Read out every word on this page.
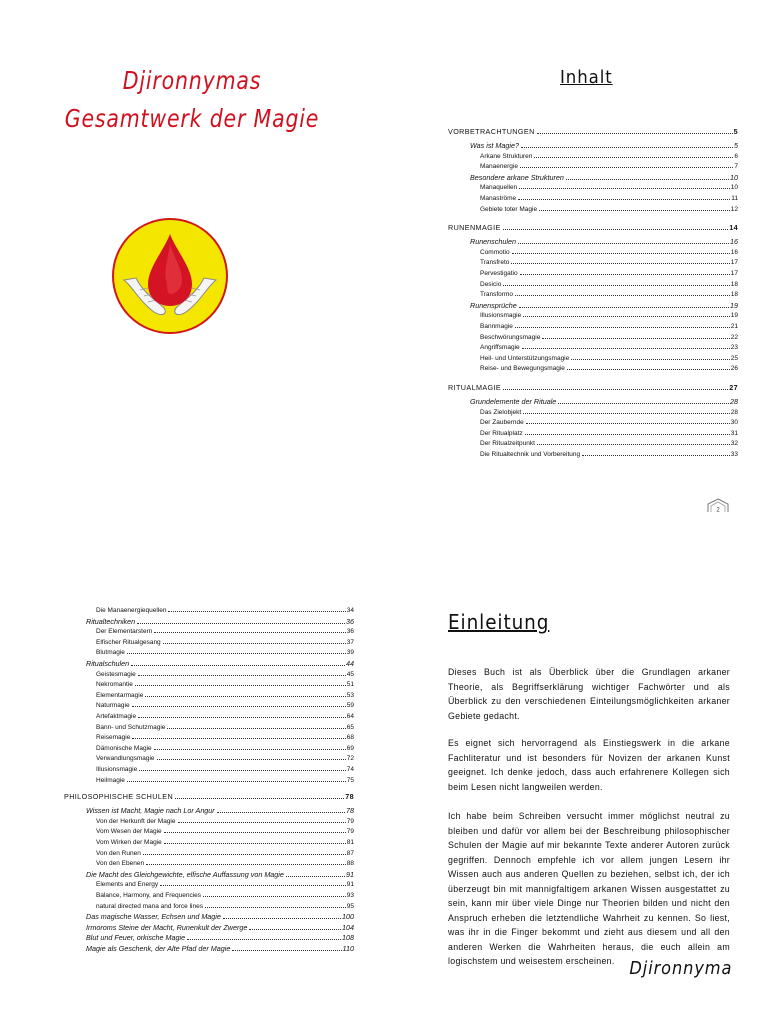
Djironnymas
Gesamtwerk der Magie
Inhalt
VORBETRACHTUNGEN	5
Was ist Magie?	5
Arkane Strukturen	6
Manaenergie	7
Besondere arkane Strukturen	10
Manaquellen	10
Manaströme	11
Gebiete toter Magie	12
RUNENMAGIE	14
Runenschulen	16
Commotio	16
Transfreto	17
Pervestigatio	17
Desicio	18
Transformo	18
Runensprüche	19
Illusionsmagie	19
Bannmagie	21
Beschwörungsmagie	22
Angriffsmagie	23
Heil- und Unterstützungsmagie	25
Reise- und Bewegungsmagie	26
RITUALMAGIE	27
Grundelemente der Rituale	28
Das Zielobjekt	28
Der Zaubernde	30
Der Ritualplatz	31
Der Ritualzeitpunkt	32
Die Ritualtechnik und Vorbereitung	33
2
Die Manaenergiequellen	34
Ritualtechniken	36
Der Elementarstern	36
Elfischer Ritualgesang	37
Blutmagie	39
Ritualschulen	44
Geistesmagie	45
Nekromantie	51
Elementarmagie	53
Naturmagie	59
Artefaktmagie	64
Bann- und Schutzmagie	65
Reisemagie	68
Dämonische Magie	69
Verwandlungsmagie	72
Illusionsmagie	74
Heilmagie	75
PHILOSOPHISCHE SCHULEN	78
Wissen ist Macht, Magie nach Lor Angur	78
Von der Herkunft der Magie	79
Vom Wesen der Magie	79
Vom Wirken der Magie	81
Von den Runen	87
Von den Ebenen	88
Die Macht des Gleichgewichte, elfische Auffassung von Magie	91
Elements and Energy	91
Balance, Harmony, and Frequencies	93
natural directed mana and force lines	95
Das magische Wasser, Echsen und Magie	100
Irmoroms Steine der Macht, Runenkult der Zwerge	104
Blut und Feuer, orkische Magie	108
Magie als Geschenk, der Alte Pfad der Magie	110
Einleitung
Dieses Buch ist als Überblick über die Grundlagen arkaner Theorie, als Begriffserklärung wichtiger Fachwörter und als Überblick zu den verschiedenen Einteilungsmöglichkeiten arkaner Gebiete gedacht.
Es eignet sich hervorragend als Einstiegswerk in die arkane Fachliteratur und ist besonders für Novizen der arkanen Kunst geeignet. Ich denke jedoch, dass auch erfahrenere Kollegen sich beim Lesen nicht langweilen werden.
Ich habe beim Schreiben versucht immer möglichst neutral zu bleiben und dafür vor allem bei der Beschreibung philosophischer Schulen der Magie auf mir bekannte Texte anderer Autoren zurück gegriffen. Dennoch empfehle ich vor allem jungen Lesern ihr Wissen auch aus anderen Quellen zu beziehen, selbst ich, der ich überzeugt bin mit mannigfaltigem arkanen Wissen ausgestattet zu sein, kann mir über viele Dinge nur Theorien bilden und nicht den Anspruch erheben die letztendliche Wahrheit zu kennen. So liest, was ihr in die Finger bekommt und zieht aus diesem und all den anderen Werken die Wahrheiten heraus, die euch allein am logischstem und weisestem erscheinen. Djironnyma
